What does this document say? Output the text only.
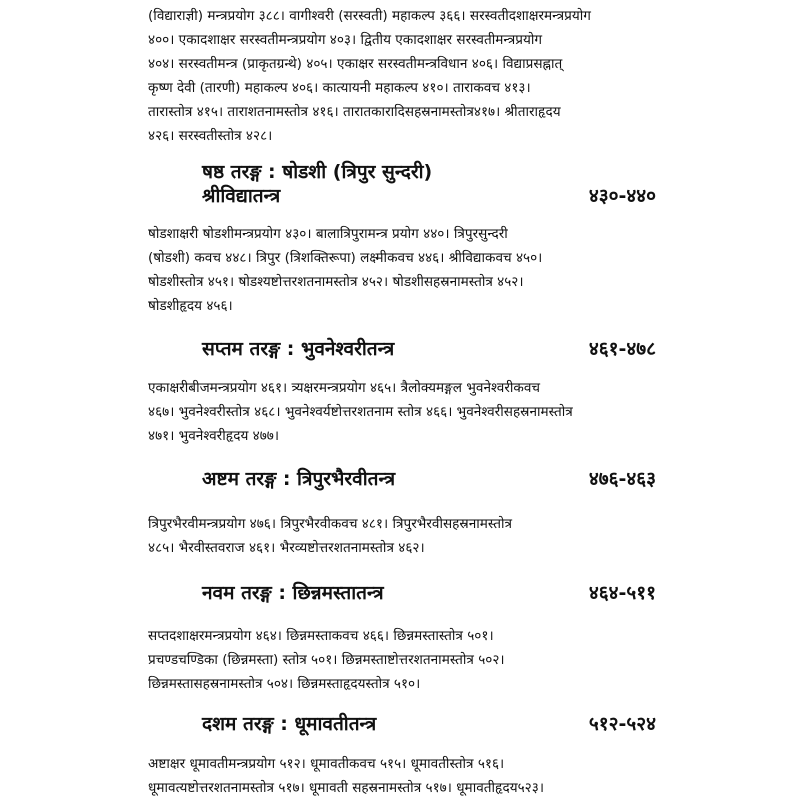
(विद्याराज्ञी) मन्त्रप्रयोग ३८८। वागीश्वरी (सरस्वती) महाकल्प ३६६। सरस्वतीदशाक्षरमन्त्रप्रयोग
४००। एकादशाक्षर सरस्वतीमन्त्रप्रयोग ४०३। द्वितीय एकादशाक्षर सरस्वतीमन्त्रप्रयोग
४०४। सरस्वतीमन्त्र (प्राकृतग्रन्थे) ४०५। एकाक्षर सरस्वतीमन्त्रविधान ४०६। विद्याप्रसह्नात्
कृष्ण देवी (तारणी) महाकल्प ४०६। कात्यायनी महाकल्प ४१०। ताराकवच ४१३।
तारास्तोत्र ४१५। ताराशतनामस्तोत्र ४१६। तारातकारादिसहस्रनामस्तोत्र४१७। श्रीताराहृदय
४२६। सरस्वतीस्तोत्र ४२८।
षष्ठ तरङ्ग : षोडशी (त्रिपुर सुन्दरी)
श्रीविद्यातन्त्र	४३०-४४०
षोडशाक्षरी षोडशीमन्त्रप्रयोग ४३०। बालात्रिपुरामन्त्र प्रयोग ४४०। त्रिपुरसुन्दरी
(षोडशी) कवच ४४८। त्रिपुर (त्रिशक्तिरूपा) लक्ष्मीकवच ४४६। श्रीविद्याकवच ४५०।
षोडशीस्तोत्र ४५१। षोडश्यष्टोत्तरशतनामस्तोत्र ४५२। षोडशीसहस्रनामस्तोत्र ४५२।
षोडशीहृदय ४५६।
सप्तम तरङ्ग : भुवनेश्वरीतन्त्र	४६१-४७८
एकाक्षरीबीजमन्त्रप्रयोग ४६१। त्र्यक्षरमन्त्रप्रयोग ४६५। त्रैलोक्यमङ्गल भुवनेश्वरीकवच
४६७। भुवनेश्वरीस्तोत्र ४६८। भुवनेश्वर्यष्टोत्तरशतनाम स्तोत्र ४६६। भुवनेश्वरीसहस्रनामस्तोत्र
४७१। भुवनेश्वरीहृदय ४७७।
अष्टम तरङ्ग : त्रिपुरभैरवीतन्त्र	४७६-४६३
त्रिपुरभैरवीमन्त्रप्रयोग ४७६। त्रिपुरभैरवीकवच ४८१। त्रिपुरभैरवीसहस्रनामस्तोत्र
४८५। भैरवीस्तवराज ४६१। भैरव्यष्टोत्तरशतनामस्तोत्र ४६२।
नवम तरङ्ग : छिन्नमस्तातन्त्र	४६४-५११
सप्तदशाक्षरमन्त्रप्रयोग ४६४। छिन्नमस्ताकवच ४६६। छिन्नमस्तास्तोत्र ५०१।
प्रचण्डचण्डिका (छिन्नमस्ता) स्तोत्र ५०१। छिन्नमस्ताष्टोत्तरशतनामस्तोत्र ५०२।
छिन्नमस्तासहस्रनामस्तोत्र ५०४। छिन्नमस्ताहृदयस्तोत्र ५१०।
दशम तरङ्ग : धूमावतीतन्त्र	५१२-५२४
अष्टाक्षर धूमावतीमन्त्रप्रयोग ५१२। धूमावतीकवच ५१५। धूमावतीस्तोत्र ५१६।
धूमावत्यष्टोत्तरशतनामस्तोत्र ५१७। धूमावती सहस्रनामस्तोत्र ५१७। धूमावतीहृदय५२३।
